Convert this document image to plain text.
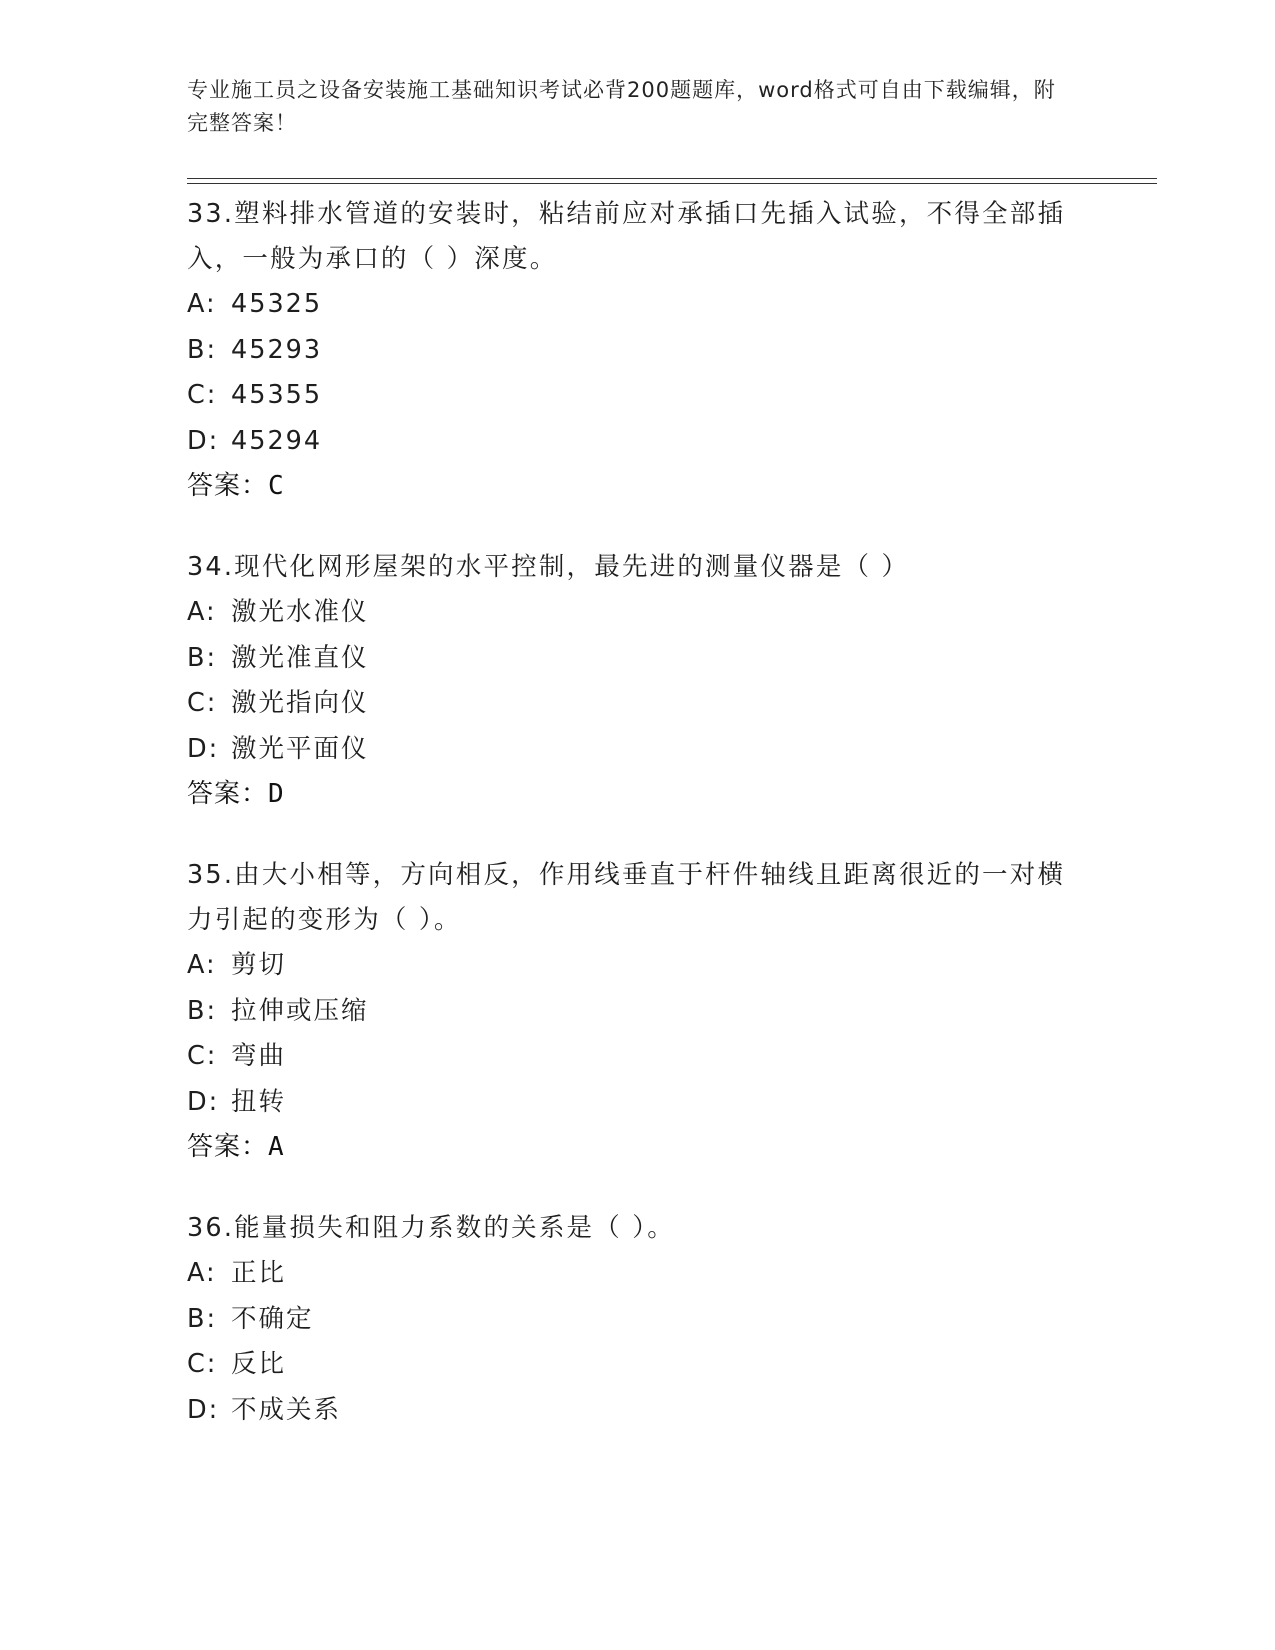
专业施工员之设备安装施工基础知识考试必背200题题库，word格式可自由下载编辑，附完整答案！

33.塑料排水管道的安装时，粘结前应对承插口先插入试验，不得全部插入，一般为承口的（ ）深度。

A: 45325

B: 45293

C: 45355

D: 45294

答案：C

34.现代化网形屋架的水平控制，最先进的测量仪器是（ ）

A: 激光水准仪

B: 激光准直仪

C: 激光指向仪

D: 激光平面仪

答案：D

35.由大小相等，方向相反，作用线垂直于杆件轴线且距离很近的一对横力引起的变形为（ ）。

A: 剪切

B: 拉伸或压缩

C: 弯曲

D: 扭转

答案：A

36.能量损失和阻力系数的关系是（ ）。

A: 正比

B: 不确定

C: 反比

D: 不成关系
